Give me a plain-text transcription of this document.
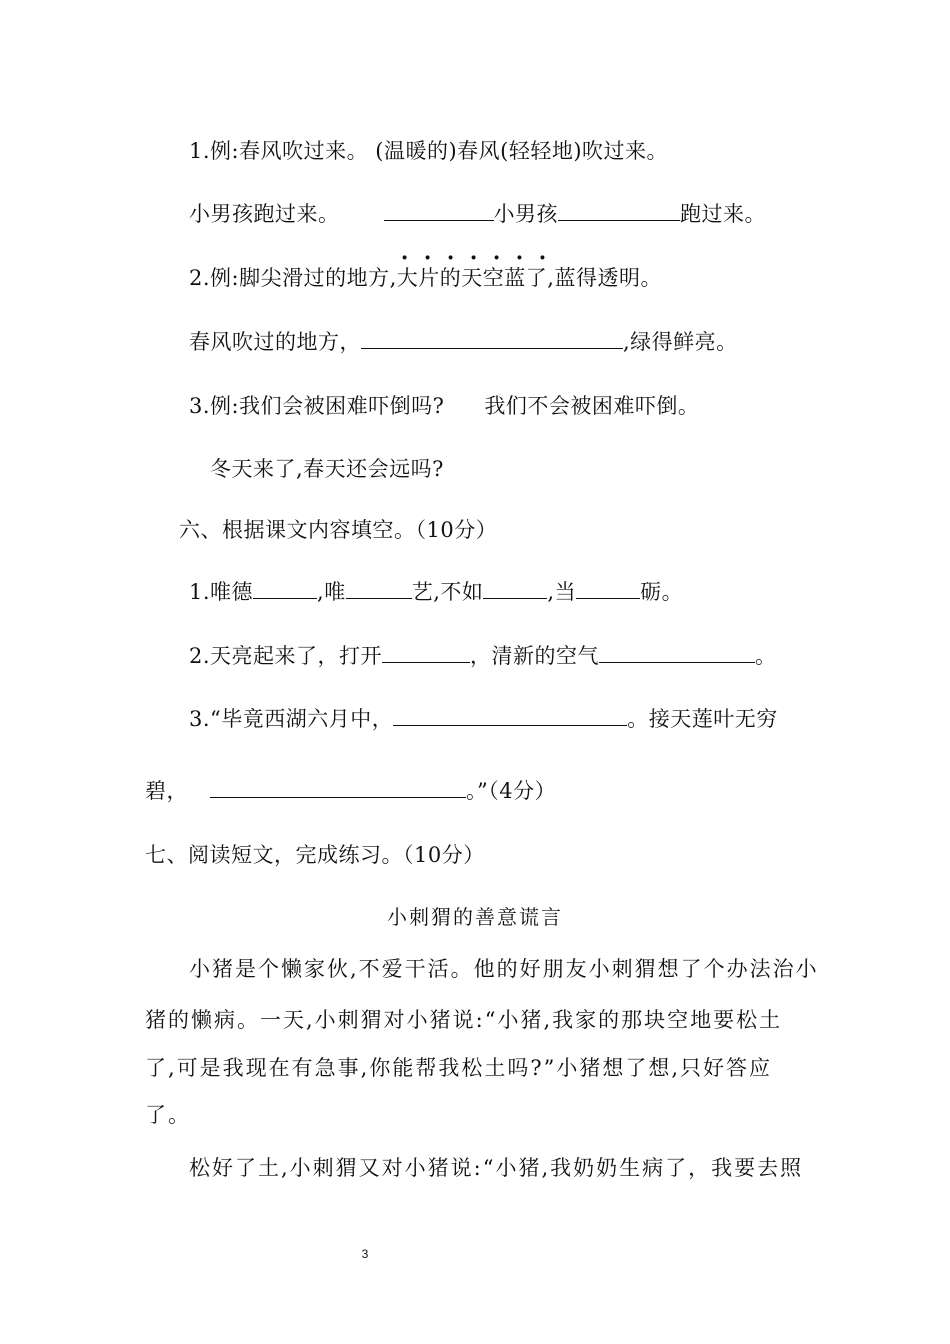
1.例:春风吹过来。 (温暖的)春风(轻轻地)吹过来。
小男孩跑过来。	小男孩	跑过来。
2.例:脚尖滑过的地方,· · 大片的天空蓝了,蓝得透明。
春风吹过的地方，	,绿得鲜亮。
3.例:我们会被困难吓倒吗? 我们不会被困难吓倒。
冬天来了,春天还会远吗?
六、根据课文内容填空。（10分）
1.唯德	,唯	艺,不如	,当	砺。
2.天亮起来了，打开	，清新的空气	。
3.“毕竟西湖六月中，	。接天莲叶无穷
碧，	。”（4分）
七、阅读短文，完成练习。（10分）
小刺猬的善意谎言
小猪是个懒家伙,不爱干活。他的好朋友小刺猬想了个办法治小
猪的懒病。一天,小刺猬对小猪说:“小猪,我家的那块空地要松土
了,可是我现在有急事,你能帮我松土吗?”小猪想了想,只好答应
了。
松好了土,小刺猬又对小猪说:“小猪,我奶奶生病了，我要去照
3
